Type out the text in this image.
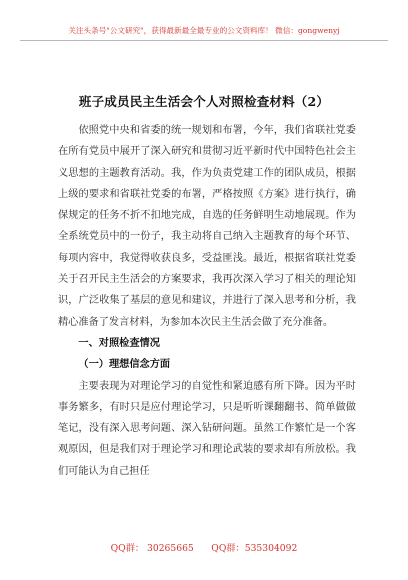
关注头条号"公文研究"，获得最新最全最专业的公文资料库！ 微信：gongwenyj
班子成员民主生活会个人对照检查材料（2）

依照党中央和省委的统一规划和布署，今年，我们省联社党委在所有党员中展开了深入研究和贯彻习近平新时代中国特色社会主义思想的主题教育活动。我，作为负责党建工作的团队成员，根据上级的要求和省联社党委的布署，严格按照《方案》进行执行，确保规定的任务不折不扣地完成，自选的任务鲜明生动地展现。作为全系统党员中的一份子，我主动将自己纳入主题教育的每个环节、每项内容中，我觉得收获良多，受益匪浅。最近，根据省联社党委关于召开民主生活会的方案要求，我再次深入学习了相关的理论知识，广泛收集了基层的意见和建议，并进行了深入思考和分析，我精心准备了发言材料，为参加本次民主生活会做了充分准备。

一、对照检查情况

（一）理想信念方面

主要表现为对理论学习的自觉性和紧迫感有所下降。因为平时事务繁多，有时只是应付理论学习，只是听听课翻翻书、简单做做笔记，没有深入思考问题、深入钻研问题。虽然工作繁忙是一个客观原因，但是我们对于理论学习和理论武装的要求却有所放松。我们可能认为自己担任

QQ群： 30265665      QQ群：535304092
